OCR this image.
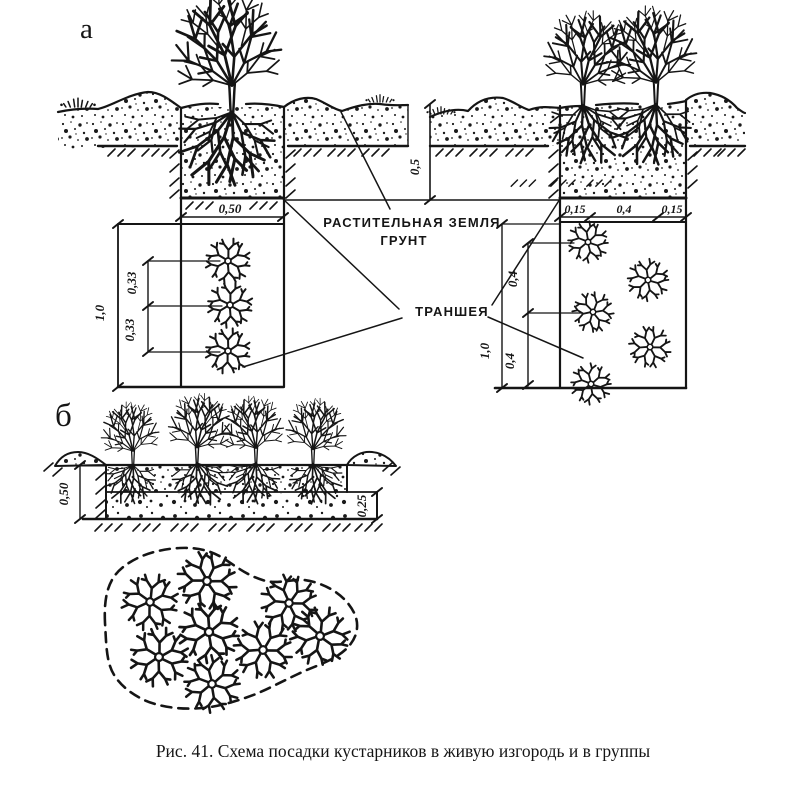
а
0,5
0,50	0,15	0,4	0,15
РАСТИТЕЛЬНАЯ ЗЕМЛЯ
ГРУНТ
ТРАНШЕЯ
1,0
0,33
0,33
1,0
0,4
0,4
б
0,50
0,25
Рис. 41. Схема посадки кустарников в живую изгородь и в группы
